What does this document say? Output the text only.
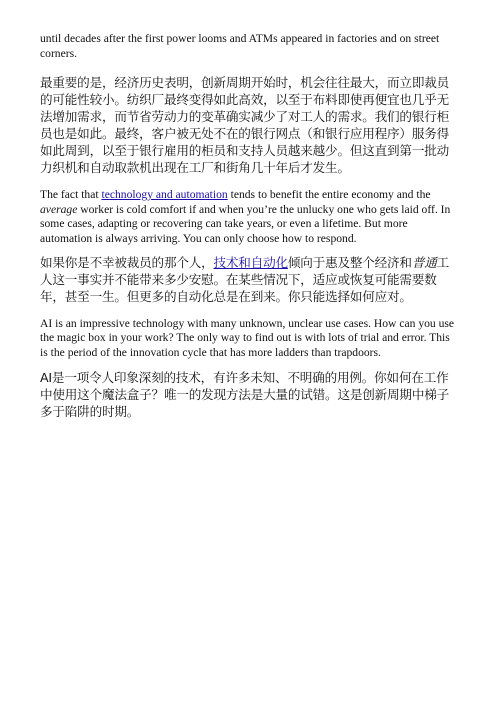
until decades after the first power looms and ATMs appeared in factories and on street corners.

最重要的是，经济历史表明，创新周期开始时，机会往往最大，而立即裁员的可能性较小。纺织厂最终变得如此高效，以至于布料即使再便宜也几乎无法增加需求，而节省劳动力的变革确实减少了对工人的需求。我们的银行柜员也是如此。最终，客户被无处不在的银行网点（和银行应用程序）服务得如此周到，以至于银行雇用的柜员和支持人员越来越少。但这直到第一批动力织机和自动取款机出现在工厂和街角几十年后才发生。

The fact that technology and automation tends to benefit the entire economy and the average worker is cold comfort if and when you’re the unlucky one who gets laid off. In some cases, adapting or recovering can take years, or even a lifetime. But more automation is always arriving. You can only choose how to respond.

如果你是不幸被裁员的那个人，技术和自动化倾向于惠及整个经济和普通工人这一事实并不能带来多少安慰。在某些情况下，适应或恢复可能需要数年，甚至一生。但更多的自动化总是在到来。你只能选择如何应对。

AI is an impressive technology with many unknown, unclear use cases. How can you use the magic box in your work? The only way to find out is with lots of trial and error. This is the period of the innovation cycle that has more ladders than trapdoors.

AI是一项令人印象深刻的技术，有许多未知、不明确的用例。你如何在工作中使用这个魔法盒子？唯一的发现方法是大量的试错。这是创新周期中梯子多于陷阱的时期。
